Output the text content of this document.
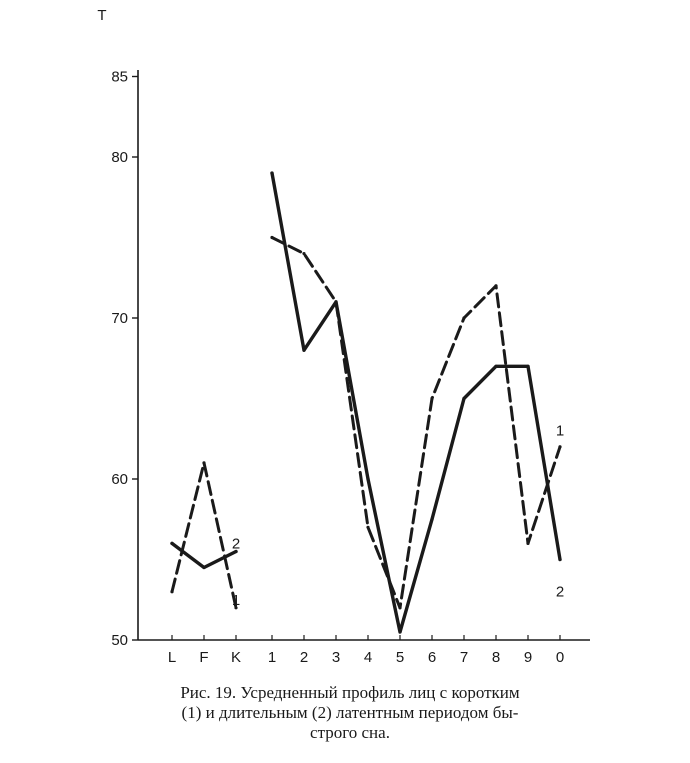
T
50
60
70
80
85
L F K 1 2 3 4 5 6 7 8 9 0
2
1
1
2
Рис. 19. Усредненный профиль лиц с коротким
(1) и длительным (2) латентным периодом бы-
строго сна.
